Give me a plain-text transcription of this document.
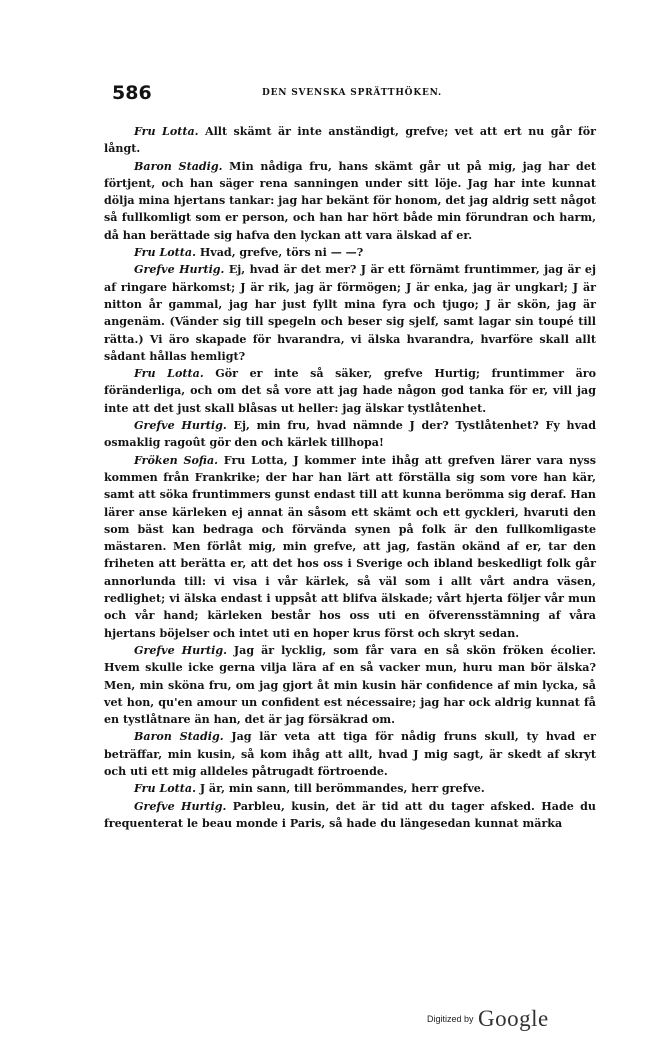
586	DEN SVENSKA SPRÄTTHÖKEN.

Fru Lotta. Allt skämt är inte anständigt, grefve; vet att ert nu går för långt.

Baron Stadig. Min nådiga fru, hans skämt går ut på mig, jag har det förtjent, och han säger rena sanningen under sitt löje. Jag har inte kunnat dölja mina hjertans tankar: jag har bekänt för honom, det jag aldrig sett något så fullkomligt som er person, och han har hört både min förundran och harm, då han berättade sig hafva den lyckan att vara älskad af er.

Fru Lotta. Hvad, grefve, törs ni — —?

Grefve Hurtig. Ej, hvad är det mer? J är ett förnämt fruntimmer, jag är ej af ringare härkomst; J är rik, jag är förmögen; J är enka, jag är ungkarl; J är nitton år gammal, jag har just fyllt mina fyra och tjugo; J är skön, jag är angenäm. (Vänder sig till spegeln och beser sig sjelf, samt lagar sin toupé till rätta.) Vi äro skapade för hvarandra, vi älska hvarandra, hvarföre skall allt sådant hållas hemligt?

Fru Lotta. Gör er inte så säker, grefve Hurtig; fruntimmer äro föränderliga, och om det så vore att jag hade någon god tanka för er, vill jag inte att det just skall blåsas ut heller: jag älskar tystlåtenhet.

Grefve Hurtig. Ej, min fru, hvad nämnde J der? Tystlåtenhet? Fy hvad osmaklig ragoût gör den och kärlek tillhopa!

Fröken Sofia. Fru Lotta, J kommer inte ihåg att grefven lärer vara nyss kommen från Frankrike; der har han lärt att förställa sig som vore han kär, samt att söka fruntimmers gunst endast till att kunna berömma sig deraf. Han lärer anse kärleken ej annat än såsom ett skämt och ett gyckleri, hvaruti den som bäst kan bedraga och förvända synen på folk är den fullkomligaste mästaren. Men förlåt mig, min grefve, att jag, fastän okänd af er, tar den friheten att berätta er, att det hos oss i Sverige och ibland beskedligt folk går annorlunda till: vi visa i vår kärlek, så väl som i allt vårt andra väsen, redlighet; vi älska endast i uppsåt att blifva älskade; vårt hjerta följer vår mun och vår hand; kärleken består hos oss uti en öfverensstämning af våra hjertans böjelser och intet uti en hoper krus först och skryt sedan.

Grefve Hurtig. Jag är lycklig, som får vara en så skön fröken écolier. Hvem skulle icke gerna vilja lära af en så vacker mun, huru man bör älska? Men, min sköna fru, om jag gjort åt min kusin här confidence af min lycka, så vet hon, qu'en amour un confident est nécessaire; jag har ock aldrig kunnat få en tystlåtnare än han, det är jag försäkrad om.

Baron Stadig. Jag lär veta att tiga för nådig fruns skull, ty hvad er beträffar, min kusin, så kom ihåg att allt, hvad J mig sagt, är skedt af skryt och uti ett mig alldeles påtrugadt förtroende.

Fru Lotta. J är, min sann, till berömmandes, herr grefve.

Grefve Hurtig. Parbleu, kusin, det är tid att du tager afsked. Hade du frequenterat le beau monde i Paris, så hade du längesedan kunnat märka

$^{Digitized by}$ Google
